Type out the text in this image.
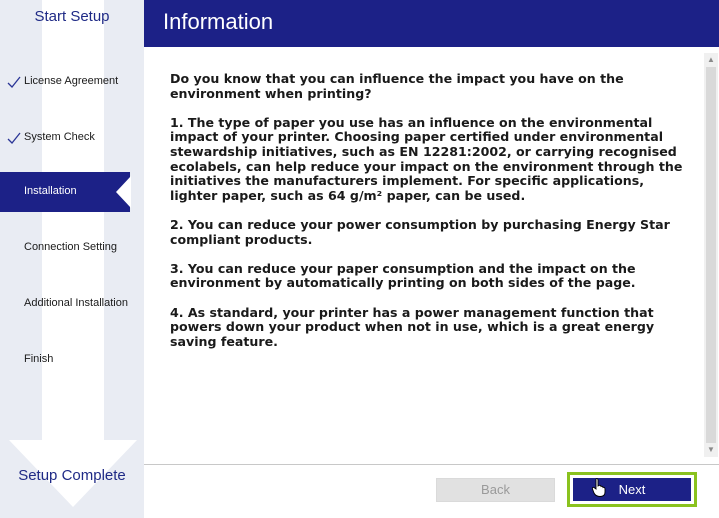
Start Setup
License Agreement
System Check
Installation
Connection Setting
Additional Installation
Finish
Setup Complete
Information

Do you know that you can influence the impact you have on the environment when printing?

1. The type of paper you use has an influence on the environmental impact of your printer. Choosing paper certified under environmental stewardship initiatives, such as EN 12281:2002, or carrying recognised ecolabels, can help reduce your impact on the environment through the initiatives the manufacturers implement. For specific applications, lighter paper, such as 64 g/m² paper, can be used.

2. You can reduce your power consumption by purchasing Energy Star compliant products.

3. You can reduce your paper consumption and the impact on the environment by automatically printing on both sides of the page.

4. As standard, your printer has a power management function that powers down your product when not in use, which is a great energy saving feature.

▲
▼
Back	Next
